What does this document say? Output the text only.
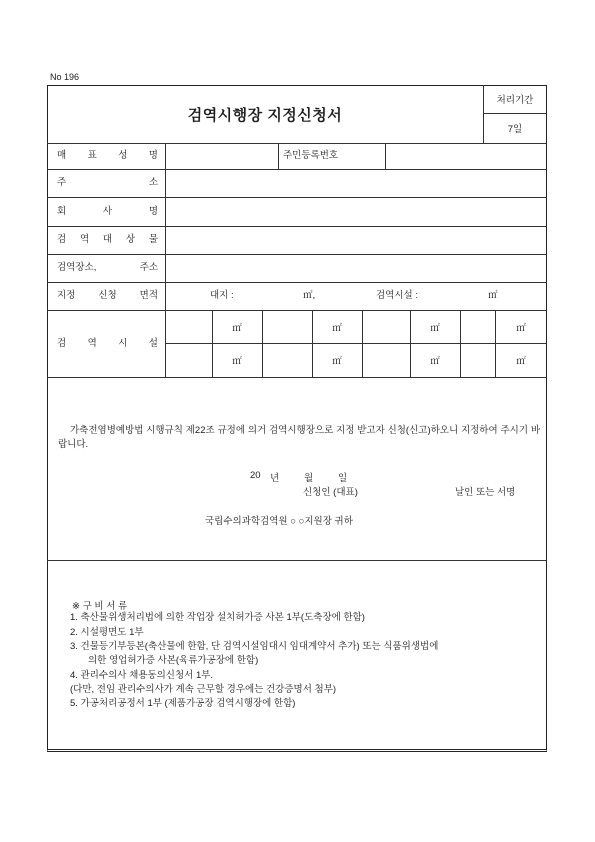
No 196
검역시행장 지정신청서
처리기간
7일
매 표 성 명	주민등록번호
주 소
회 사 명
검 역 대 상 물
검역장소, 주소
지정 신청 면적	대지 :	㎡,	검역시설 :	㎡
검 역 시 설
㎡	㎡	㎡	㎡
㎡	㎡	㎡	㎡
가축전염병예방법 시행규칙 제22조 규정에 의거 검역시행장으로 지정 받고자 신청(신고)하오니 지정하여 주시기 바랍니다.
20 년	월	일
신청인 (대표)	날인 또는 서명
국립수의과학검역원 ○ ○지원장 귀하
※ 구 비 서 류
1. 축산물위생처리법에 의한 작업장 설치허가증 사본 1부(도축장에 한함)
2. 시설평면도 1부
3. 건물등기부등본(축산물에 한함, 단 검역시설임대시 임대계약서 추가) 또는 식품위생법에
의한 영업허가증 사본(육류가공장에 한함)
4. 관리수의사 채용동의신청서 1부.
(다만, 전임 관리수의사가 계속 근무할 경우에는 건강증명서 첨부)
5. 가공처리공정서 1부 (제품가공장 검역시행장에 한함)
